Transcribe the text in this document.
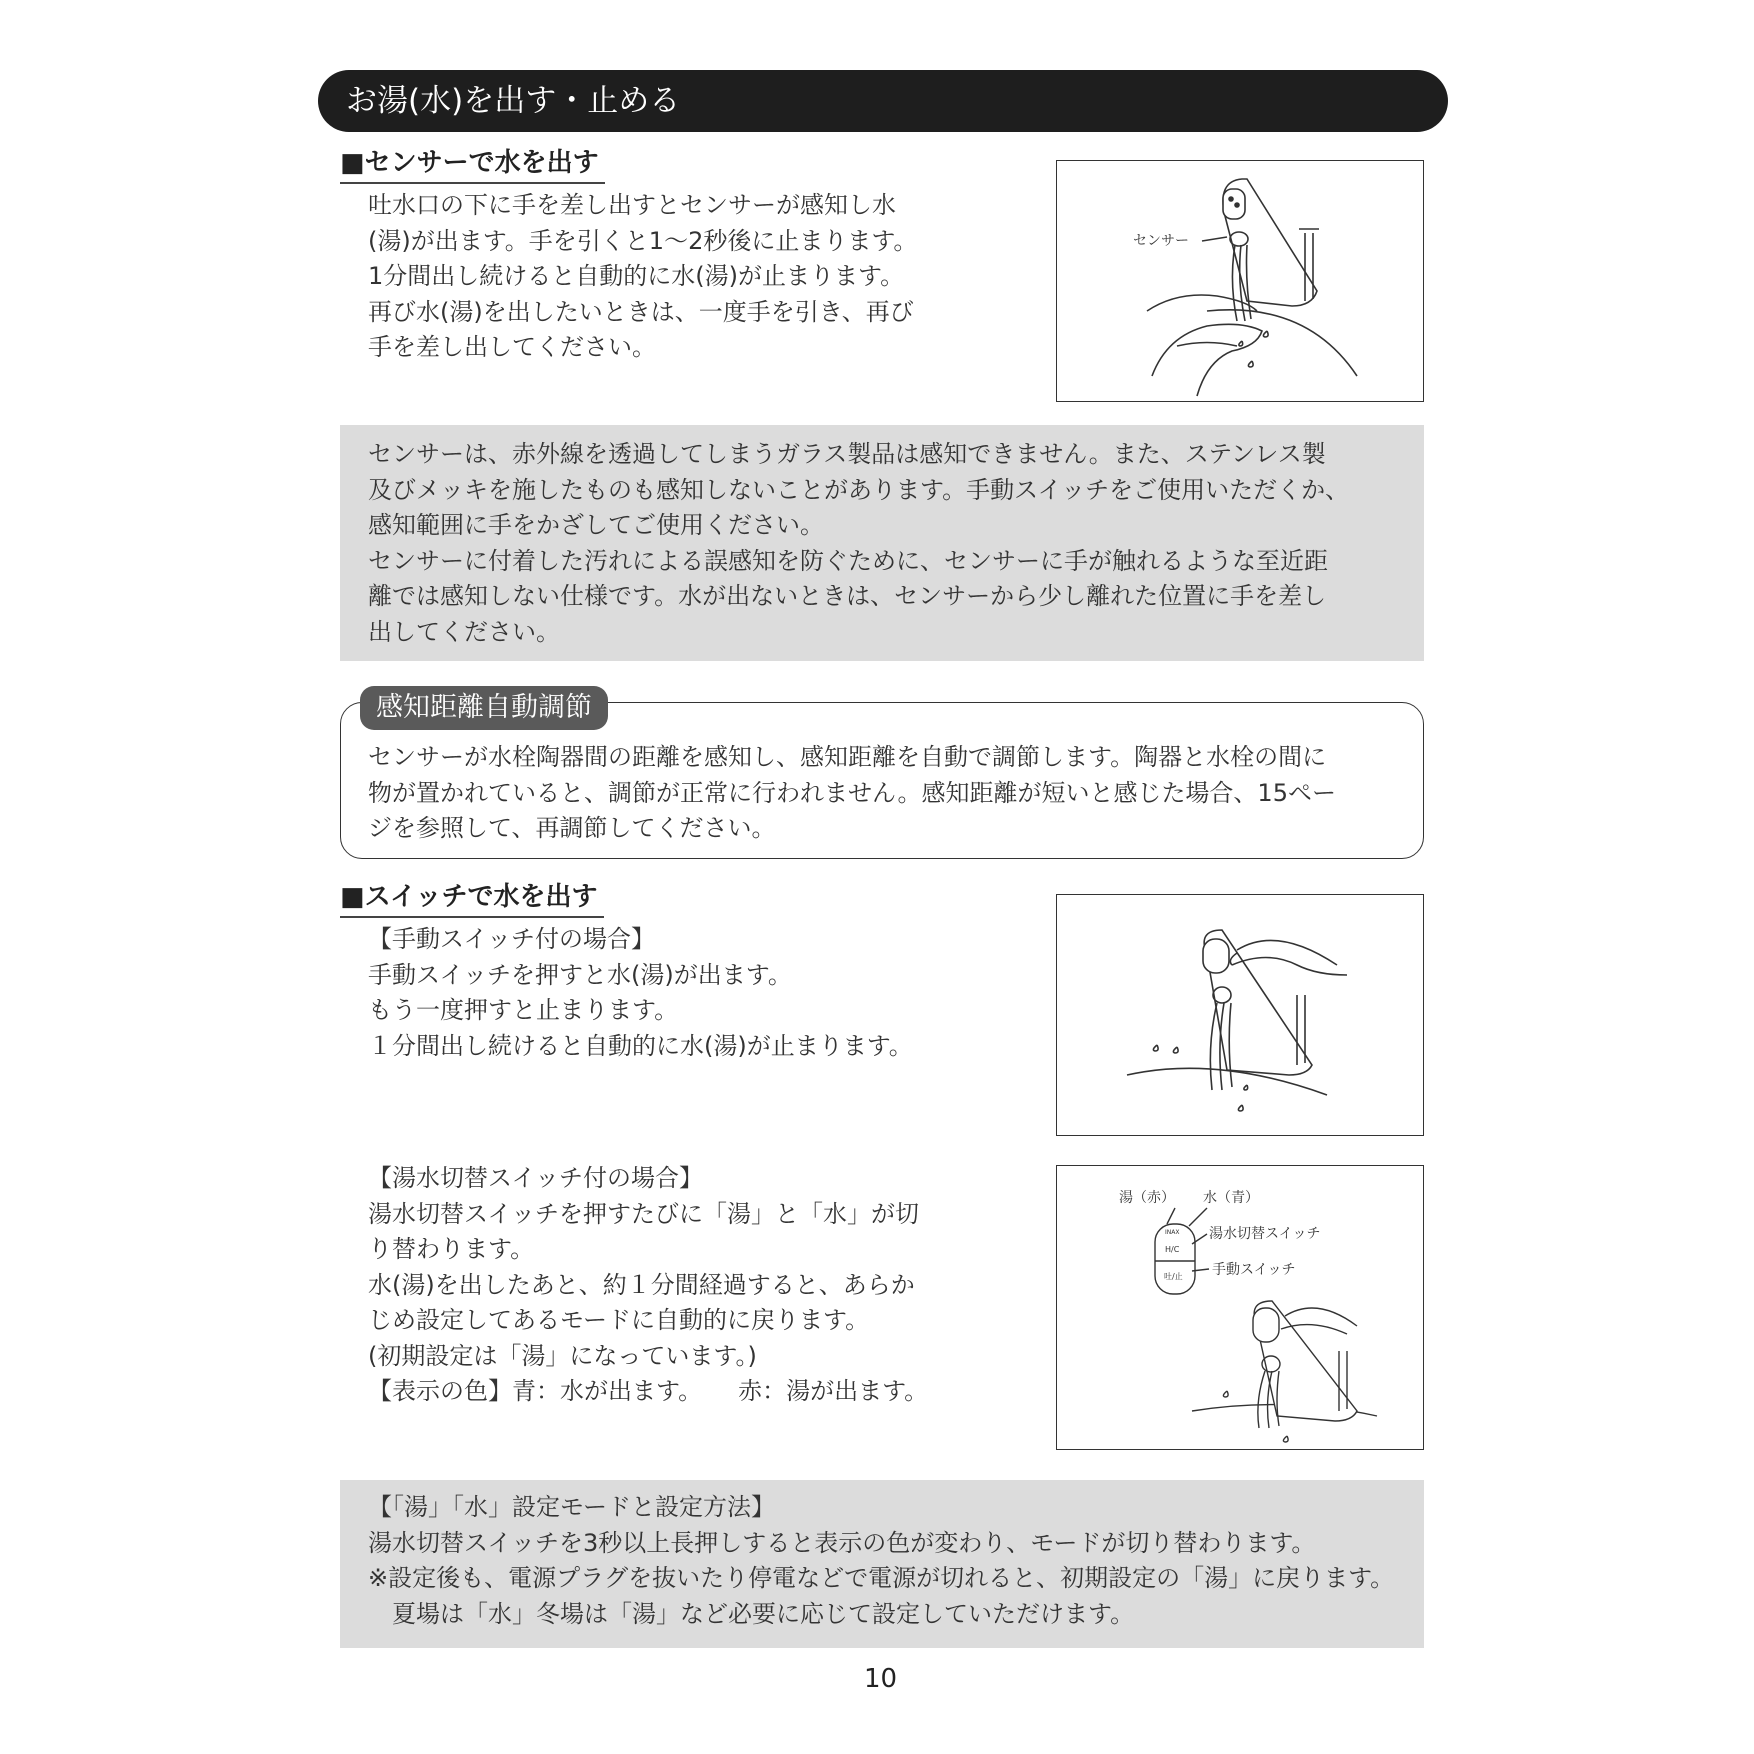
お湯(水)を出す・止める
■センサーで水を出す
吐水口の下に手を差し出すとセンサーが感知し水
(湯)が出ます。手を引くと1～2秒後に止まります。
1分間出し続けると自動的に水(湯)が止まります。
再び水(湯)を出したいときは、一度手を引き、再び
手を差し出してください。
センサー
センサーは、赤外線を透過してしまうガラス製品は感知できません。また、ステンレス製
及びメッキを施したものも感知しないことがあります。手動スイッチをご使用いただくか、
感知範囲に手をかざしてご使用ください。
センサーに付着した汚れによる誤感知を防ぐために、センサーに手が触れるような至近距
離では感知しない仕様です。水が出ないときは、センサーから少し離れた位置に手を差し
出してください。
感知距離自動調節
センサーが水栓陶器間の距離を感知し、感知距離を自動で調節します。陶器と水栓の間に
物が置かれていると、調節が正常に行われません。感知距離が短いと感じた場合、15ペー
ジを参照して、再調節してください。
■スイッチで水を出す
【手動スイッチ付の場合】
手動スイッチを押すと水(湯)が出ます。
もう一度押すと止まります。
１分間出し続けると自動的に水(湯)が止まります。
【湯水切替スイッチ付の場合】
湯水切替スイッチを押すたびに「湯」と「水」が切
り替わります。
水(湯)を出したあと、約１分間経過すると、あらか
じめ設定してあるモードに自動的に戻ります。
(初期設定は「湯」になっています。)
【表示の色】青：水が出ます。　　赤：湯が出ます。
湯（赤） 水（青）
湯水切替スイッチ
手動スイッチ
INAX
H/C
吐/止
【「湯」「水」設定モードと設定方法】
湯水切替スイッチを3秒以上長押しすると表示の色が変わり、モードが切り替わります。
※設定後も、電源プラグを抜いたり停電などで電源が切れると、初期設定の「湯」に戻ります。
　夏場は「水」冬場は「湯」など必要に応じて設定していただけます。
10
